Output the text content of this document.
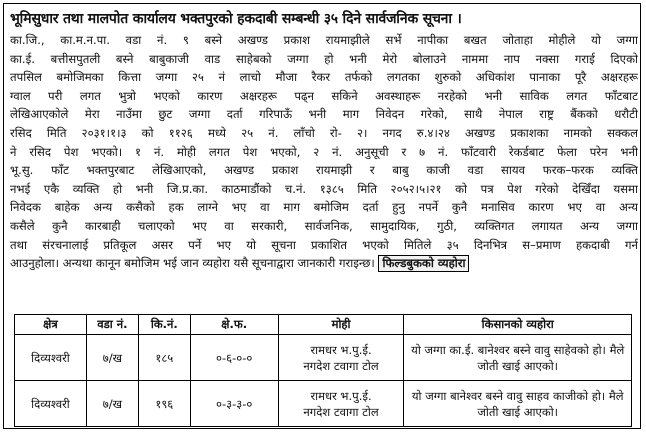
भूमिसुधार तथा मालपोत कार्यालय भक्तपुरको हकदाबी सम्बन्धी ३५ दिने सार्वजनिक सूचना ।
का.जि., का.म.न.पा. वडा नं. ९ बस्ने अखण्ड प्रकाश रायमाझीले सर्भे नापीका बखत जोताहा मोहीले यो जग्गा
का.ई. बत्तीसपुतली बस्ने बाबुकाजी वाड साहेबको जग्गा हो भनी मेरो बोलाउने नाममा नाप नक्सा गराई दिएको
तपसिल बमोजिमका कित्ता जग्गा २५ नं लाचो मौजा रैकर तर्फको लगतका शुरुको अधिकांश पानाका पूरै अक्षरहरू
ग्वाल परी लगत भुत्रो भएको कारण अक्षरहरू पढ्न सकिने अवस्थाहरू नरहेको भनी साविक लगत फाँटबाट
लेखिआएकोले मेरा नाउँमा छुट जग्गा दर्ता गरिपाऊँ भनी माग निवेदन गरेको, साथै नेपाल राष्ट्र बैंकको धरौटी
रसिद मिति २०३१।१।३ को ११२६ मध्ये २५ नं. लाँचो रो- २। नगद रु.४।२४ अखण्ड प्रकाशका नामको सक्कल
ने रसिद पेश भएको। १ नं. मोही लगत पेश भएको, २ नं. अनुसूची र ७ नं. फाँटवारी रेकर्डबाट फेला परेन भनी
भू.सु. फाँट भक्तपुरबाट लेखिआएको, अखण्ड प्रकाश रायमाझी र बाबु काजी वडा सायव फरक–फरक व्यक्ति
नभई एकै व्यक्ति हो भनी जि.प्र.का. काठमाडौंको च.नं. १३८५ मिति २०५२।५।२१ को पत्र पेश गरेको देखिँदा यसमा
निवेदक बाहेक अन्य कसैको हक लाग्ने भए वा माग बमोजिम दर्ता हुनु नपर्ने कुनै मनासिव कारण भए वा अन्य
कसैले कुनै कारबाही चलाएको भए वा सरकारी, सार्वजनिक, सामुदायिक, गुठी, व्यक्तिगत लगायत अन्य जग्गा
तथा संरचनालाई प्रतिकूल असर पर्ने भए यो सूचना प्रकाशित भएको मितिले ३५ दिनभित्र स–प्रमाण हकदाबी गर्न
आउनुहोला। अन्यथा कानून बमोजिम भई जान व्यहोरा यसै सूचनाद्वारा जानकारी गराइन्छ। फिल्डबुकको व्यहोरा
क्षेत्र	वडा नं.	कि.नं.	क्षे.फ.	मोही	किसानको व्यहोरा
दिव्यश्वरी	७/ख	१८५	०-६-०-०	रामधर भ.पु.ई.
नगदेश टवागा टोल	यो जग्गा का.ई. बानेश्वर बस्ने वावु साहेवको हो। मैले जोती खाई आएको।
दिव्यश्वरी	७/ख	१९६	०-३-३-०	रामधर भ.पु.ई.
नगदेश टवागा टोल	यो जग्गा बानेश्वर बस्ने वावु साहव काजीको हो। मैले जोती खाई आएको।
